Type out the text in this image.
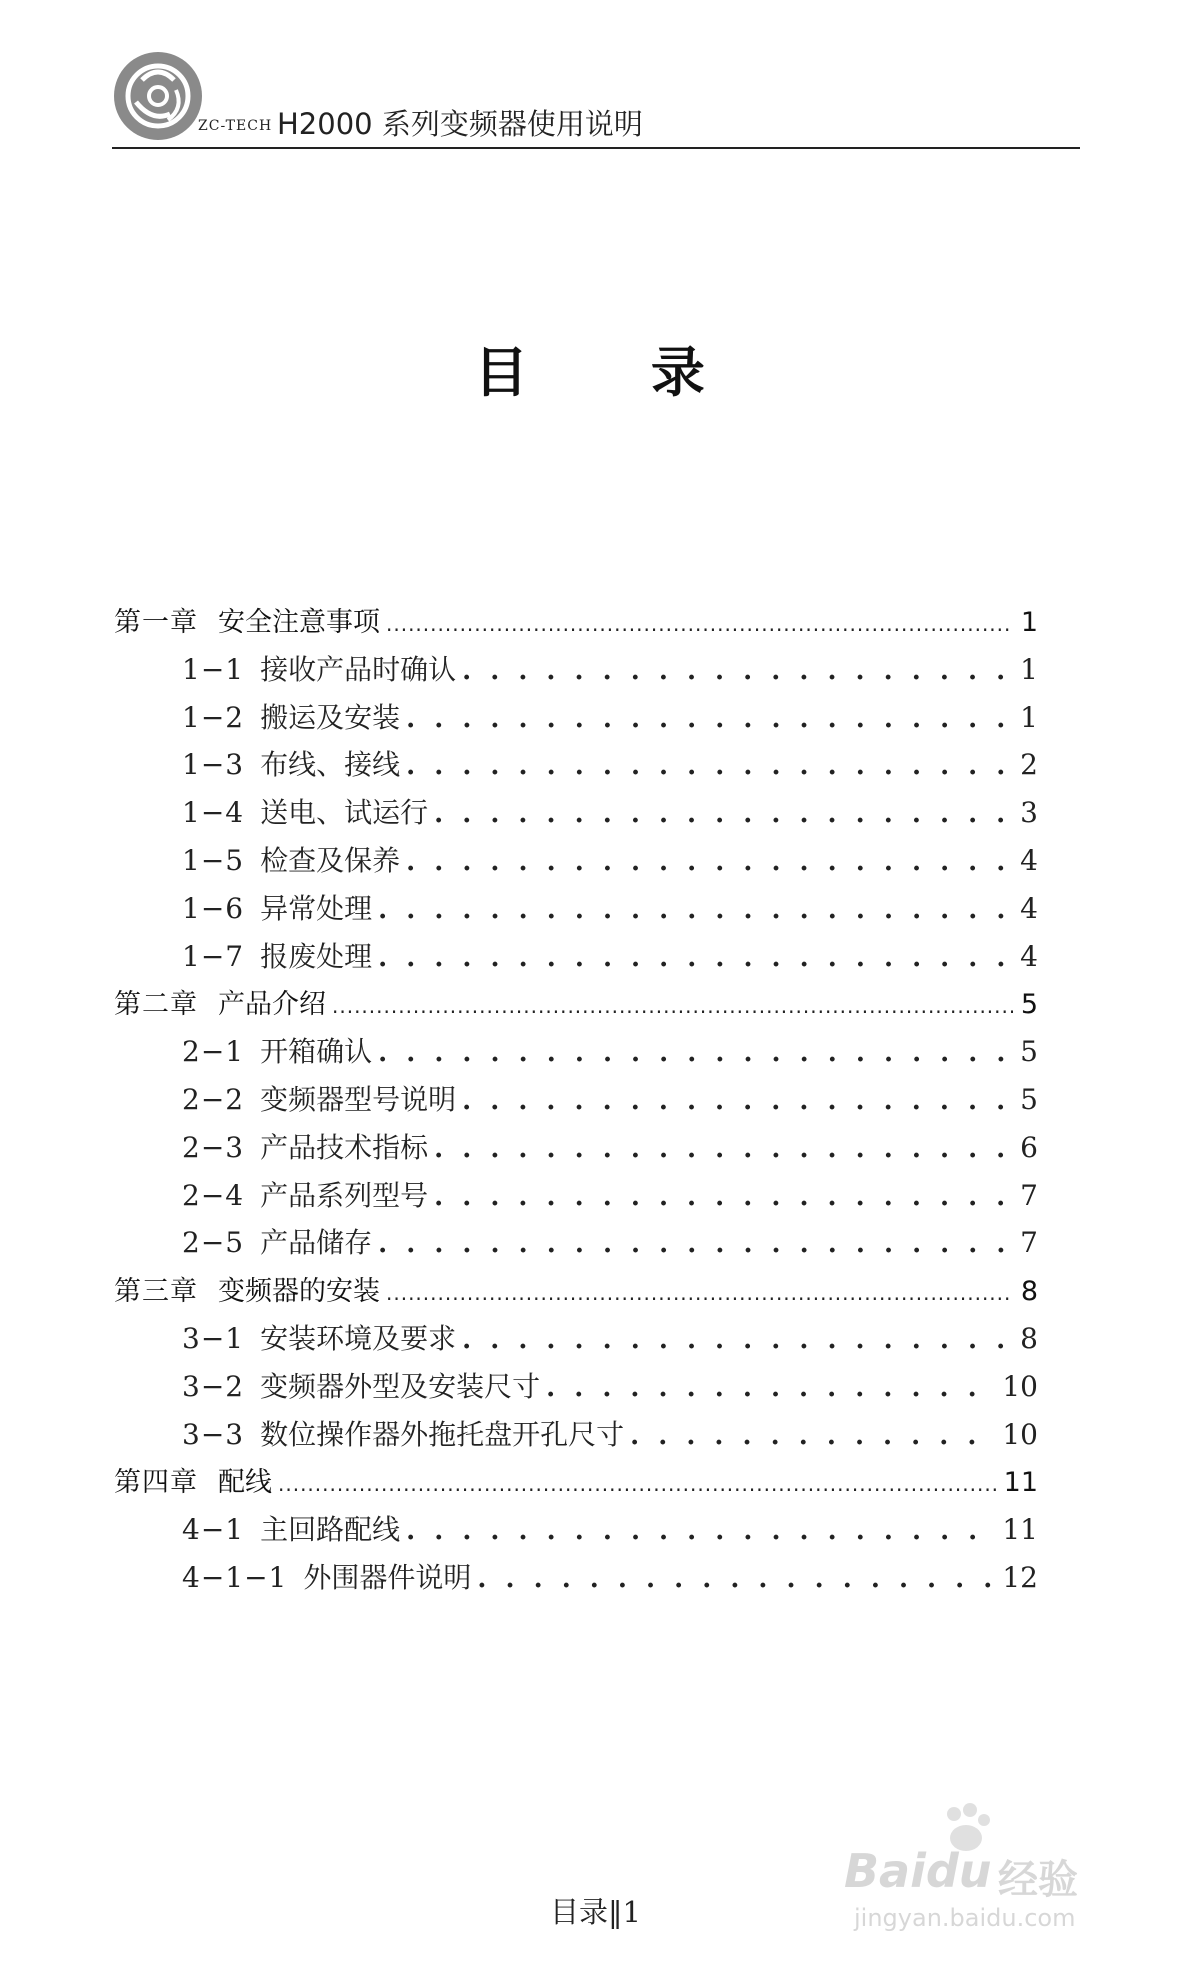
ZC-TECH H2000 系列变频器使用说明
目 录
第一章 安全注意事项 .....	1
1−1 接收产品时确认 . . .	1
1−2 搬运及安装 . . .	1
1−3 布线、接线 . . .	2
1−4 送电、试运行 . . .	3
1−5 检查及保养 . . .	4
1−6 异常处理 . . .	4
1−7 报废处理 . . .	4
第二章 产品介绍 .....	5
2−1 开箱确认 . . .	5
2−2 变频器型号说明 . . .	5
2−3 产品技术指标 . . .	6
2−4 产品系列型号 . . .	7
2−5 产品储存 . . .	7
第三章 变频器的安装 .....	8
3−1 安装环境及要求 . . .	8
3−2 变频器外型及安装尺寸 . . .	10
3−3 数位操作器外拖托盘开孔尺寸 . . .	10
第四章 配线 .....	11
4−1 主回路配线 . . .	11
4−1−1 外围器件说明 . . .	12
目录‖1
Baidu 经验
jingyan.baidu.com
